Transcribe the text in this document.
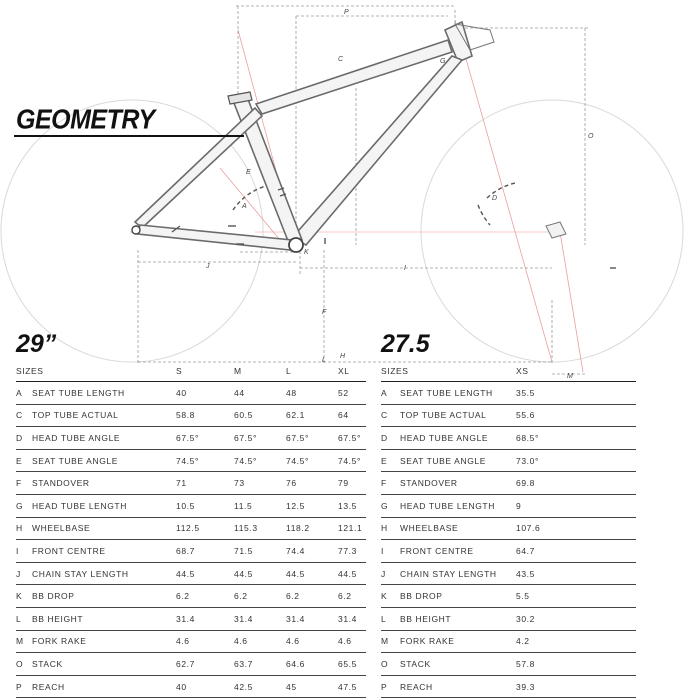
A
C
D
E
F
G
H
I
J
K
L
M
O
P
GEOMETRY
29”	27.5
SIZES		S	M	L	XL
A	SEAT TUBE LENGTH	40	44	48	52
C	TOP TUBE ACTUAL	58.8	60.5	62.1	64
D	HEAD TUBE ANGLE	67.5°	67.5°	67.5°	67.5°
E	SEAT TUBE ANGLE	74.5°	74.5°	74.5°	74.5°
F	STANDOVER	71	73	76	79
G	HEAD TUBE LENGTH	10.5	11.5	12.5	13.5
H	WHEELBASE	112.5	115.3	118.2	121.1
I	FRONT CENTRE	68.7	71.5	74.4	77.3
J	CHAIN STAY LENGTH	44.5	44.5	44.5	44.5
K	BB DROP	6.2	6.2	6.2	6.2
L	BB HEIGHT	31.4	31.4	31.4	31.4
M	FORK RAKE	4.6	4.6	4.6	4.6
O	STACK	62.7	63.7	64.6	65.5
P	REACH	40	42.5	45	47.5
SIZES		XS
A	SEAT TUBE LENGTH	35.5
C	TOP TUBE ACTUAL	55.6
D	HEAD TUBE ANGLE	68.5°
E	SEAT TUBE ANGLE	73.0°
F	STANDOVER	69.8
G	HEAD TUBE LENGTH	9
H	WHEELBASE	107.6
I	FRONT CENTRE	64.7
J	CHAIN STAY LENGTH	43.5
K	BB DROP	5.5
L	BB HEIGHT	30.2
M	FORK RAKE	4.2
O	STACK	57.8
P	REACH	39.3
